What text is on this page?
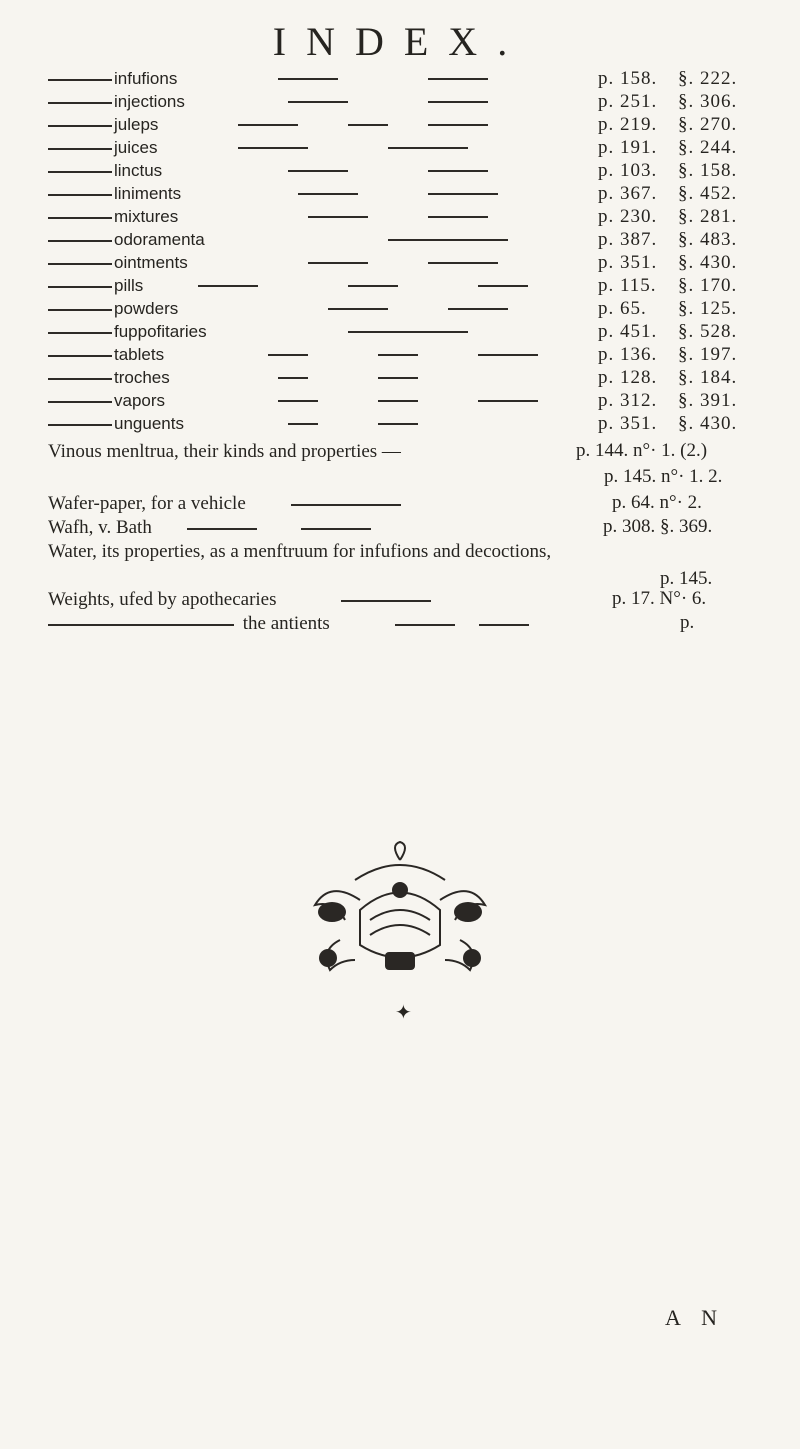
INDEX.
infufions	p. 158. §. 222.
injections	p. 251. §. 306.
juleps	p. 219. §. 270.
juices	p. 191. §. 244.
linctus	p. 103. §. 158.
liniments	p. 367. §. 452.
mixtures	p. 230. §. 281.
odoramenta	p. 387. §. 483.
ointments	p. 351. §. 430.
pills	p. 115. §. 170.
powders	p. 65. §. 125.
fuppofitaries	p. 451. §. 528.
tablets	p. 136. §. 197.
troches	p. 128. §. 184.
vapors	p. 312. §. 391.
unguents	p. 351. §. 430.
Vinous menltrua, their kinds and properties —	p. 144. n°· 1. (2.)
p. 145. n°· 1. 2.
Wafer-paper, for a vehicle	p. 64. n°· 2.
Wafh, v. Bath	p. 308. §. 369.
Water, its properties, as a menftruum for infufions and decoctions,
p. 145.
Weights, ufed by apothecaries	p. 17. N°· 6.
the antients	p.
✦
A N
